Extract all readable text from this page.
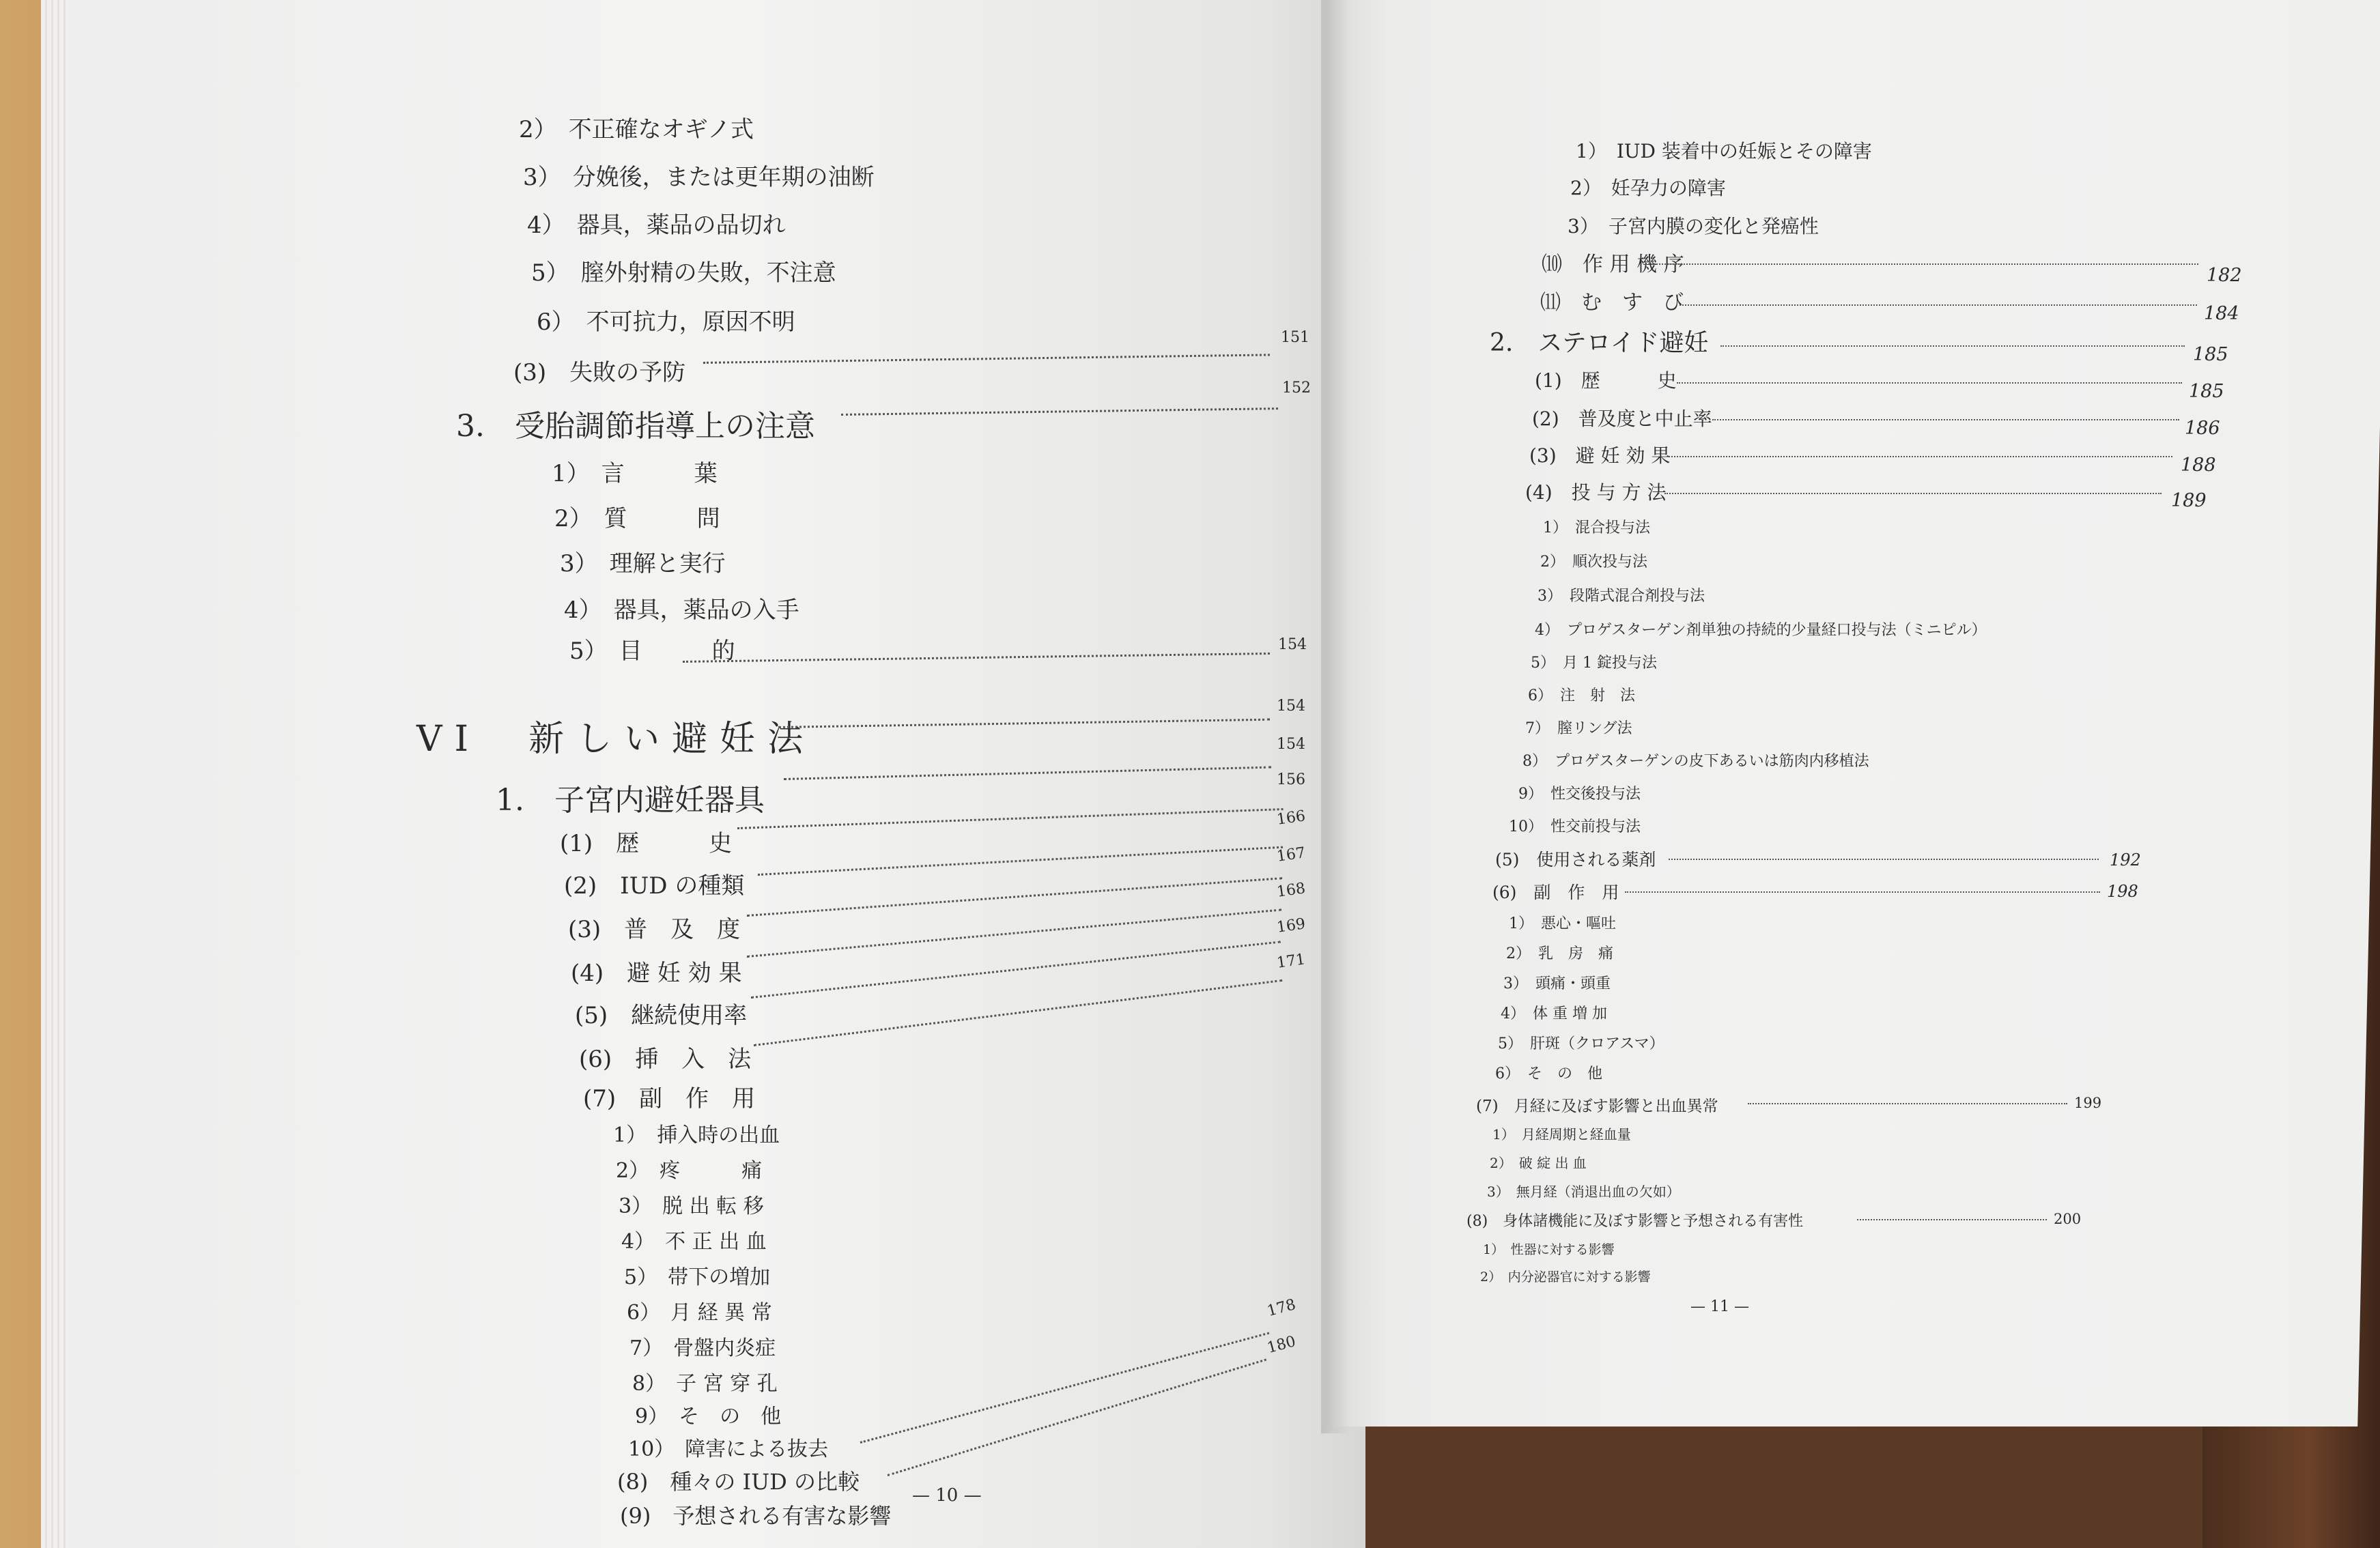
2）　不正確なオギノ式
3）　分娩後，または更年期の油断
4）　器具，薬品の品切れ
5）　膣外射精の失敗，不注意
6）　不可抗力，原因不明
(3)　失敗の予防
3.　受胎調節指導上の注意
1）　言　　　葉
2）　質　　　問
3）　理解と実行
4）　器具，薬品の入手
5）　目　　　的
VI　新しい避妊法
1.　子宮内避妊器具
(1)　歴　　　史
(2)　IUD の種類
(3)　普　及　度
(4)　避 妊 効 果
(5)　継続使用率
(6)　挿　入　法
(7)　副　作　用
1）　挿入時の出血
2）　疼　　　痛
3）　脱 出 転 移
4）　不 正 出 血
5）　帯下の増加
6）　月 経 異 常
7）　骨盤内炎症
8）　子 宮 穿 孔
9）　そ　の　他
10）　障害による抜去
(8)　種々の IUD の比較
(9)　予想される有害な影響
151
152
154
154
154
156
166
167
168
169
171
178
180
— 10 —
1）　IUD 装着中の妊娠とその障害
2）　妊孕力の障害
3）　子宮内膜の変化と発癌性
⑽　作 用 機 序
⑾　む　す　び
2.　ステロイド避妊
(1)　歴　　　史
(2)　普及度と中止率
(3)　避 妊 効 果
(4)　投 与 方 法
1）　混合投与法
2）　順次投与法
3）　段階式混合剤投与法
4）　プロゲスターゲン剤単独の持続的少量経口投与法（ミニピル）
5）　月 1 錠投与法
6）　注　射　法
7）　膣リング法
8）　プロゲスターゲンの皮下あるいは筋肉内移植法
9）　性交後投与法
10）　性交前投与法
(5)　使用される薬剤
(6)　副　作　用
1）　悪心・嘔吐
2）　乳　房　痛
3）　頭痛・頭重
4）　体 重 増 加
5）　肝斑（クロアスマ）
6）　そ　の　他
(7)　月経に及ぼす影響と出血異常
1）　月経周期と経血量
2）　破 綻 出 血
3）　無月経（消退出血の欠如）
(8)　身体諸機能に及ぼす影響と予想される有害性
1）　性器に対する影響
2）　内分泌器官に対する影響
182
184
185
185
186
188
189
192
198
199
200
— 11 —
